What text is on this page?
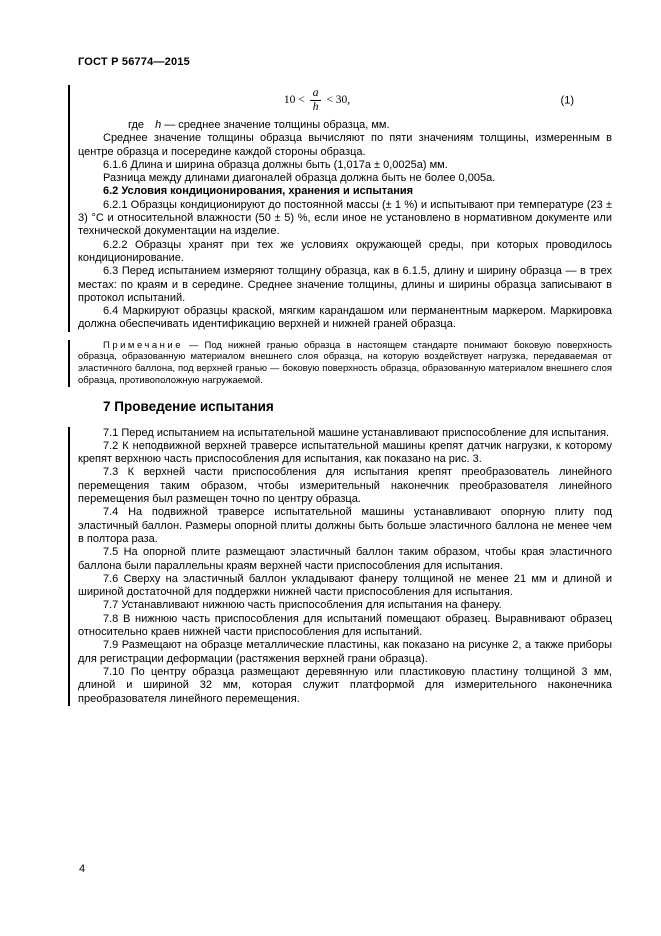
ГОСТ Р 56774—2015
$10 < \frac{a}{h} < 30$,	(1)

где h — среднее значение толщины образца, мм.

Среднее значение толщины образца вычисляют по пяти значениям толщины, измеренным в центре образца и посередине каждой стороны образца.

6.1.6 Длина и ширина образца должны быть (1,017a ± 0,0025a) мм.

Разница между длинами диагоналей образца должна быть не более 0,005a.

6.2 Условия кондиционирования, хранения и испытания

6.2.1 Образцы кондиционируют до постоянной массы (± 1 %) и испытывают при температуре (23 ± 3) °С и относительной влажности (50 ± 5) %, если иное не установлено в нормативном документе или технической документации на изделие.

6.2.2 Образцы хранят при тех же условиях окружающей среды, при которых проводилось кондиционирование.

6.3 Перед испытанием измеряют толщину образца, как в 6.1.5, длину и ширину образца — в трех местах: по краям и в середине. Среднее значение толщины, длины и ширины образца записывают в протокол испытаний.

6.4 Маркируют образцы краской, мягким карандашом или перманентным маркером. Маркировка должна обеспечивать идентификацию верхней и нижней граней образца.

Примечание — Под нижней гранью образца в настоящем стандарте понимают боковую поверхность образца, образованную материалом внешнего слоя образца, на которую воздействует нагрузка, передаваемая от эластичного баллона, под верхней гранью — боковую поверхность образца, образованную материалом внешнего слоя образца, противоположную нагружаемой.

7 Проведение испытания

7.1 Перед испытанием на испытательной машине устанавливают приспособление для испытания.

7.2 К неподвижной верхней траверсе испытательной машины крепят датчик нагрузки, к которому крепят верхнюю часть приспособления для испытания, как показано на рис. 3.

7.3 К верхней части приспособления для испытания крепят преобразователь линейного перемещения таким образом, чтобы измерительный наконечник преобразователя линейного перемещения был размещен точно по центру образца.

7.4 На подвижной траверсе испытательной машины устанавливают опорную плиту под эластичный баллон. Размеры опорной плиты должны быть больше эластичного баллона не менее чем в полтора раза.

7.5 На опорной плите размещают эластичный баллон таким образом, чтобы края эластичного баллона были параллельны краям верхней части приспособления для испытания.

7.6 Сверху на эластичный баллон укладывают фанеру толщиной не менее 21 мм и длиной и шириной достаточной для поддержки нижней части приспособления для испытания.

7.7 Устанавливают нижнюю часть приспособления для испытания на фанеру.

7.8 В нижнюю часть приспособления для испытаний помещают образец. Выравнивают образец относительно краев нижней части приспособления для испытаний.

7.9 Размещают на образце металлические пластины, как показано на рисунке 2, а также приборы для регистрации деформации (растяжения верхней грани образца).

7.10 По центру образца размещают деревянную или пластиковую пластину толщиной 3 мм, длиной и шириной 32 мм, которая служит платформой для измерительного наконечника преобразователя линейного перемещения.

4
